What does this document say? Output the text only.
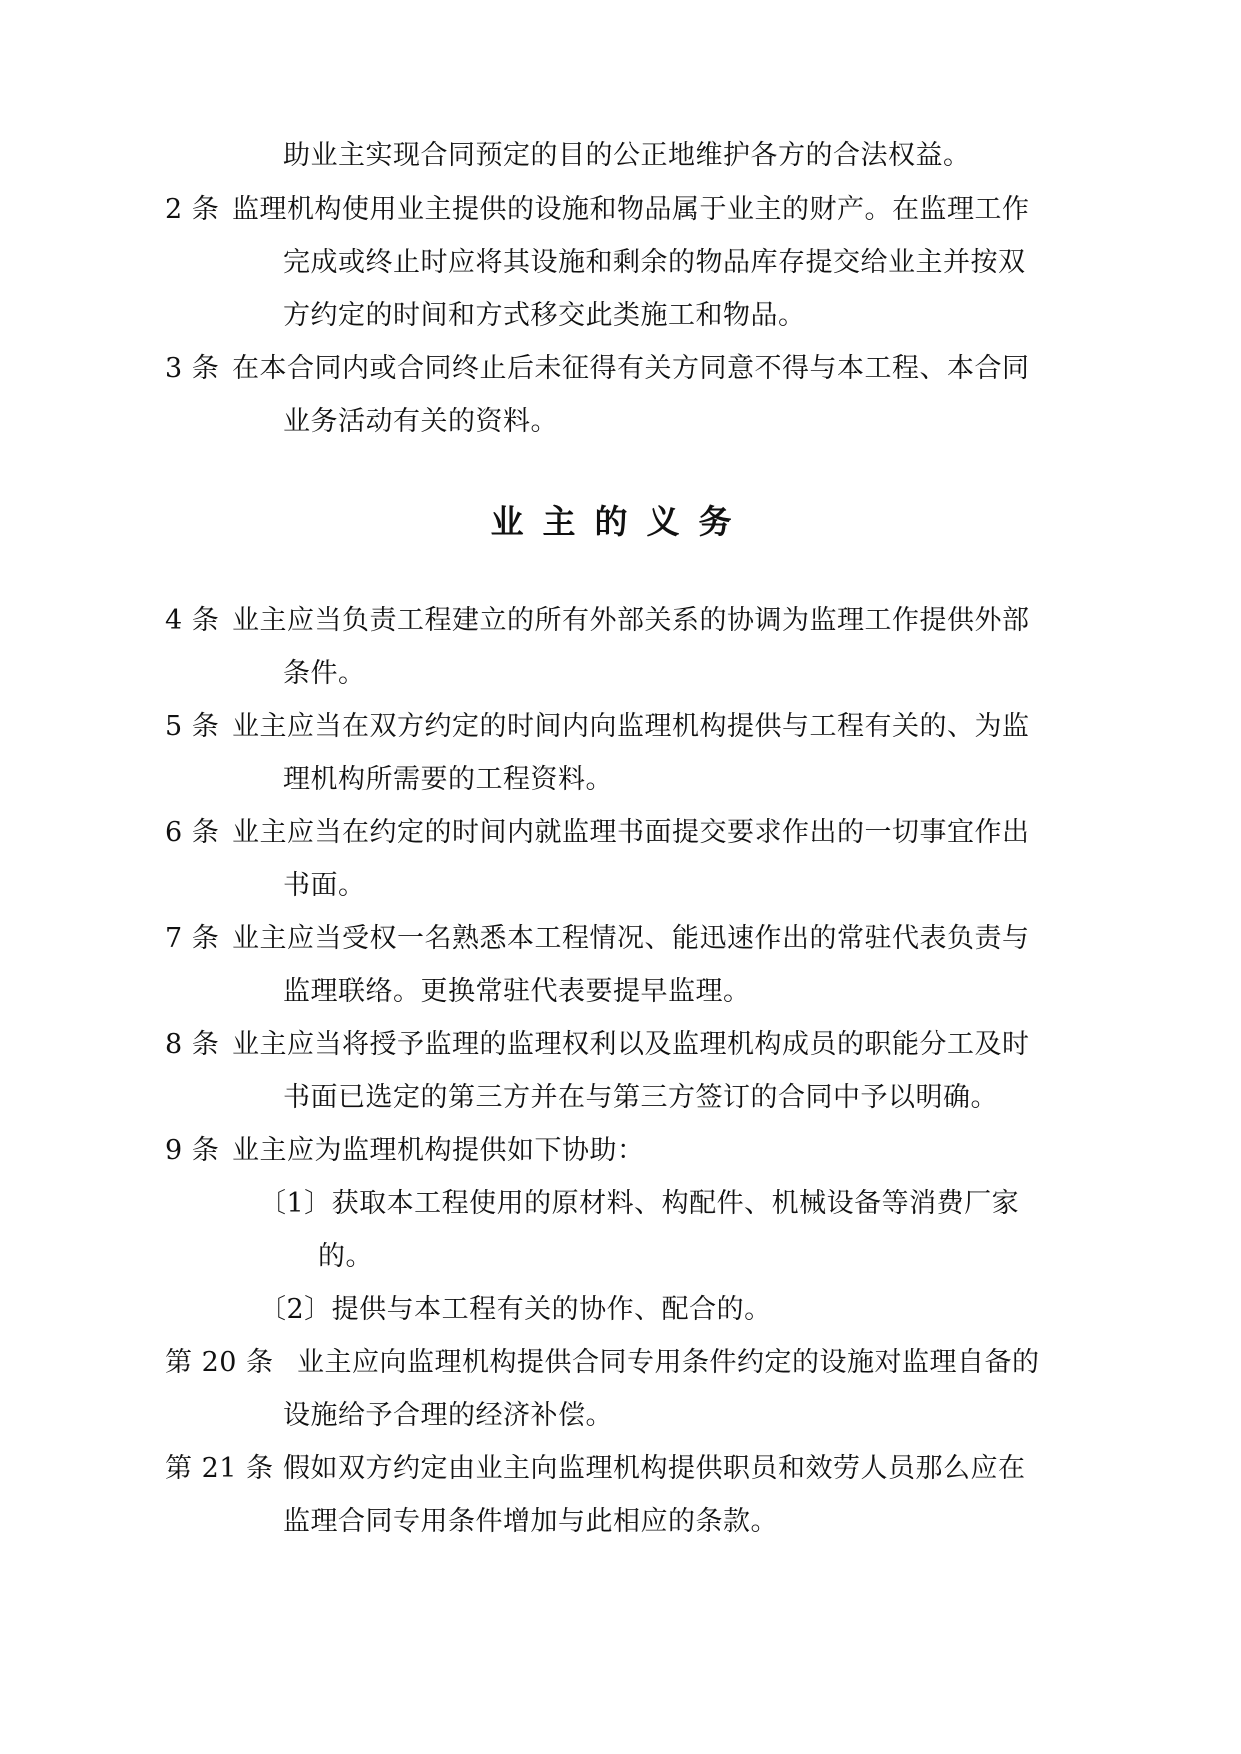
助业主实现合同预定的目的公正地维护各方的合法权益。
2 条 监理机构使用业主提供的设施和物品属于业主的财产。在监理工作
完成或终止时应将其设施和剩余的物品库存提交给业主并按双
方约定的时间和方式移交此类施工和物品。
3 条 在本合同内或合同终止后未征得有关方同意不得与本工程、本合同
业务活动有关的资料。
业主的义务
4 条 业主应当负责工程建立的所有外部关系的协调为监理工作提供外部
条件。
5 条 业主应当在双方约定的时间内向监理机构提供与工程有关的、为监
理机构所需要的工程资料。
6 条 业主应当在约定的时间内就监理书面提交要求作出的一切事宜作出
书面。
7 条 业主应当受权一名熟悉本工程情况、能迅速作出的常驻代表负责与
监理联络。更换常驻代表要提早监理。
8 条 业主应当将授予监理的监理权利以及监理机构成员的职能分工及时
书面已选定的第三方并在与第三方签订的合同中予以明确。
9 条 业主应为监理机构提供如下协助：
〔1〕获取本工程使用的原材料、构配件、机械设备等消费厂家
的。
〔2〕提供与本工程有关的协作、配合的。
第 20 条 业主应向监理机构提供合同专用条件约定的设施对监理自备的
设施给予合理的经济补偿。
第 21 条 假如双方约定由业主向监理机构提供职员和效劳人员那么应在
监理合同专用条件增加与此相应的条款。
